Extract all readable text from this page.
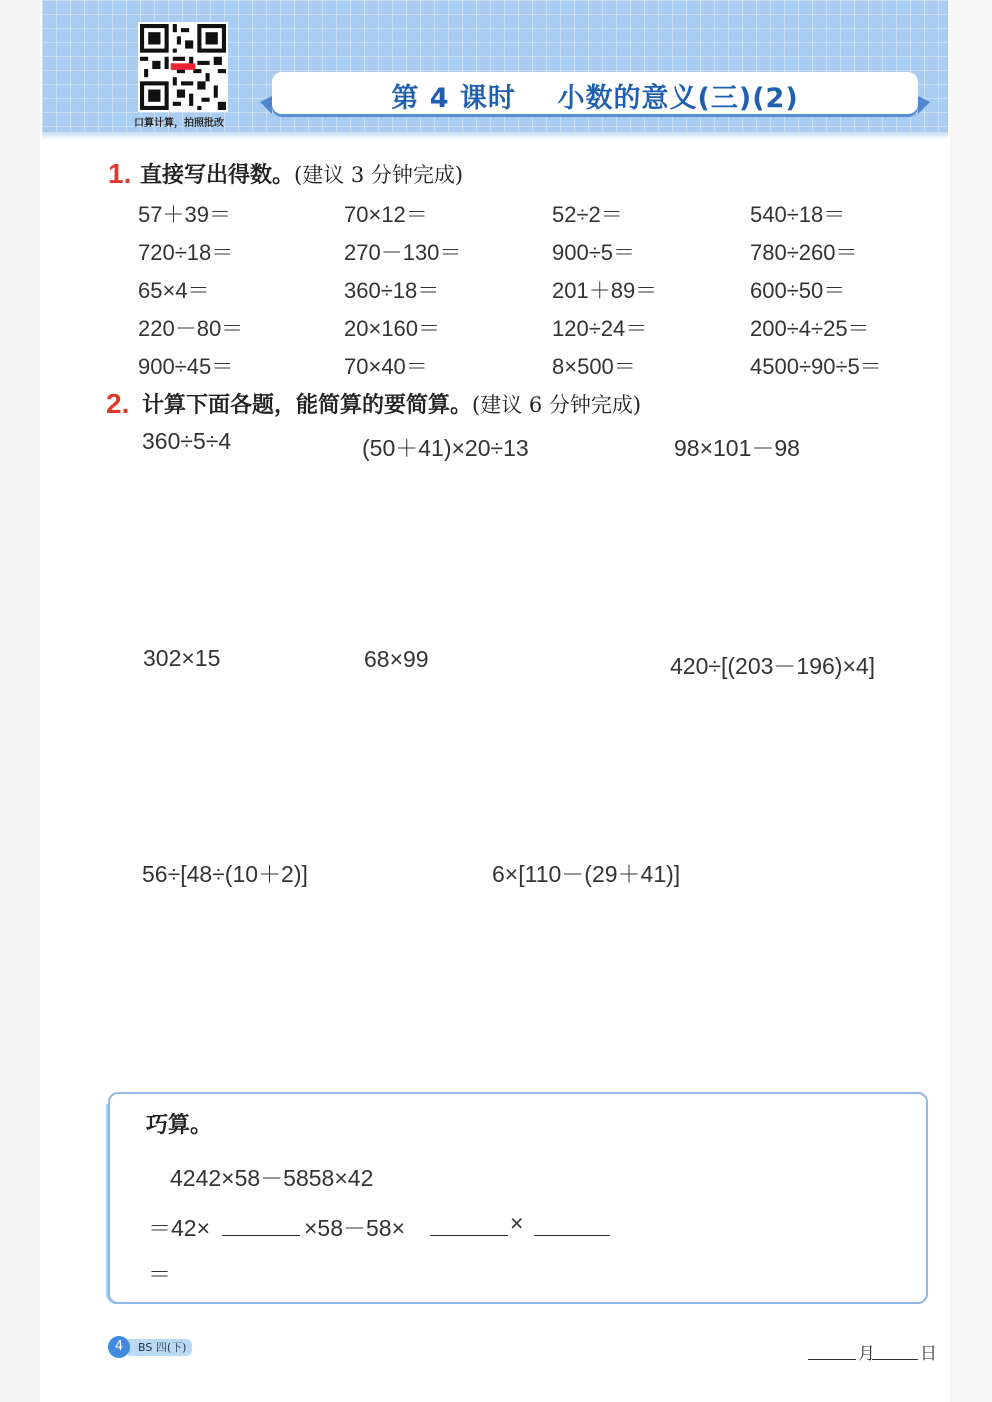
口算计算，拍照批改
第 4 课时    小数的意义(三)(2)
1. 直接写出得数。(建议 3 分钟完成)
57＋39＝	70×12＝	52÷2＝	540÷18＝
720÷18＝	270－130＝	900÷5＝	780÷260＝
65×4＝	360÷18＝	201＋89＝	600÷50＝
220－80＝	20×160＝	120÷24＝	200÷4÷25＝
900÷45＝	70×40＝	8×500＝	4500÷90÷5＝
2. 计算下面各题，能简算的要简算。(建议 6 分钟完成)
360÷5÷4	(50＋41)×20÷13	98×101－98
302×15	68×99	420÷[(203－196)×4]
56÷[48÷(10＋2)]	6×[110－(29＋41)]
提
升
练
巧算。
4242×58－5858×42
＝42×	×58－58×	×
＝
BS 四(下)
4	月	日
